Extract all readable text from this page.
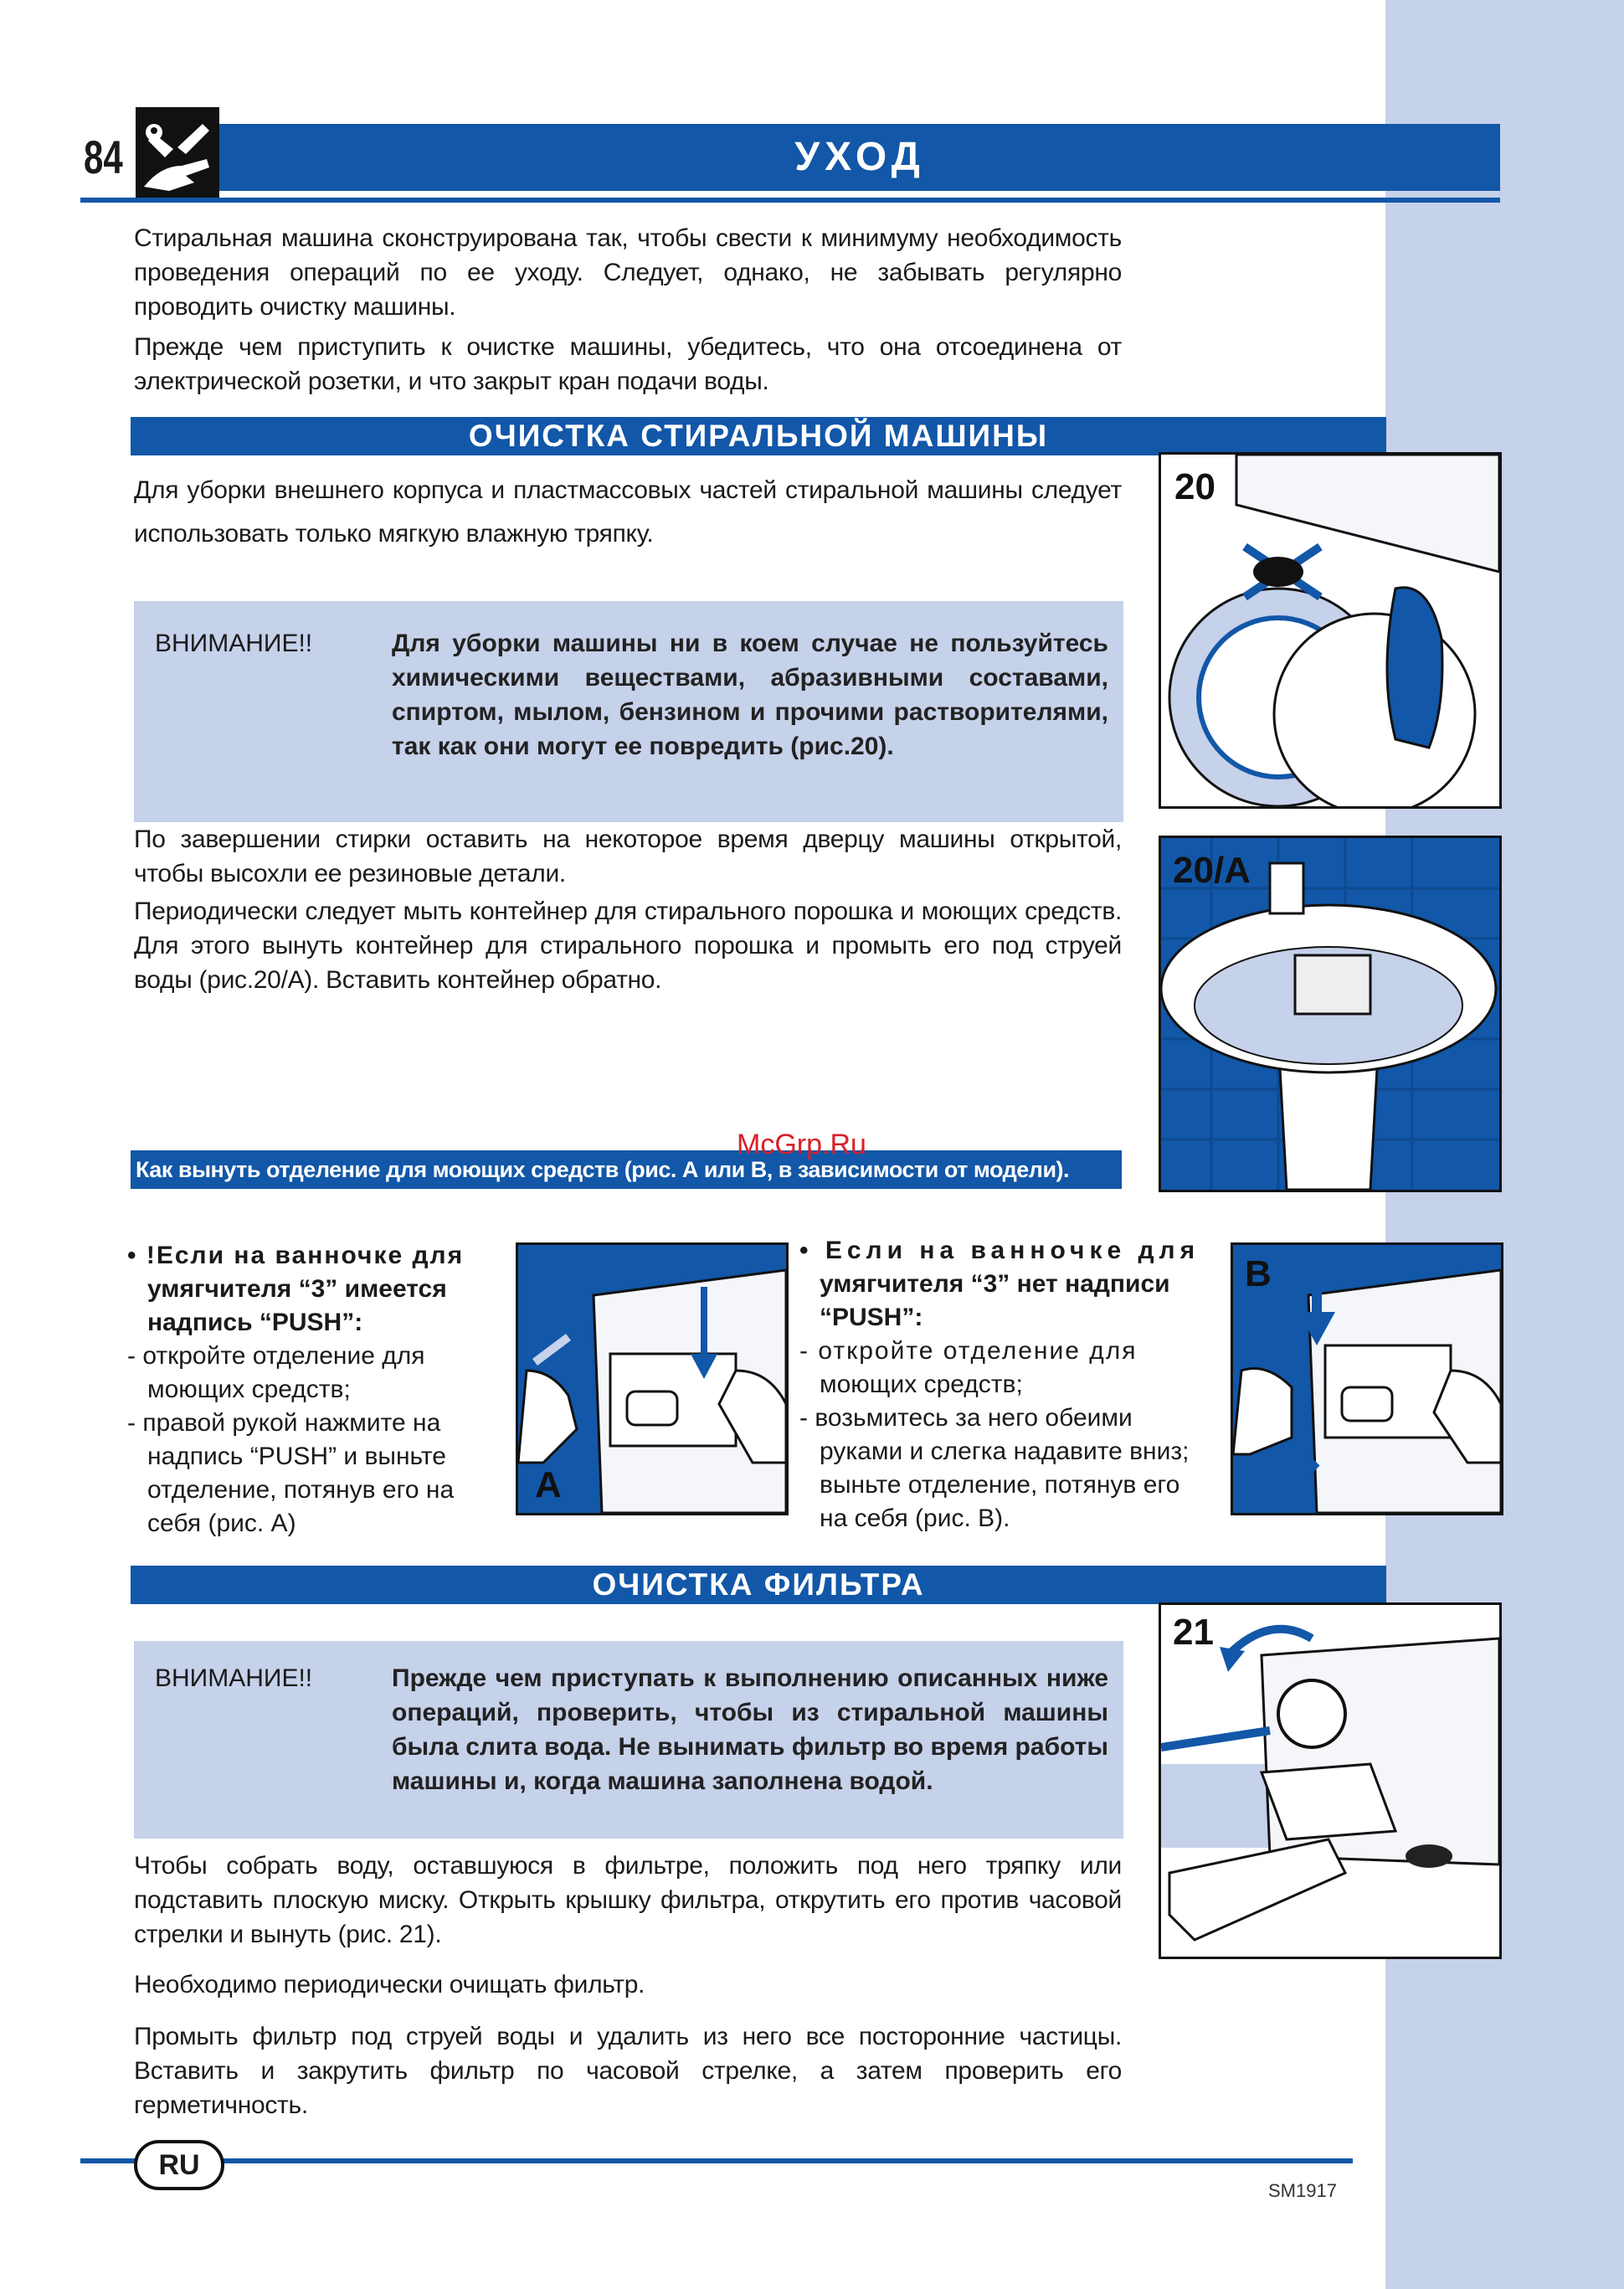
84	УХОД

Стиральная машина сконструирована так, чтобы свести к минимуму необходимость проведения операций по ее уходу. Следует, однако, не забывать регулярно проводить очистку машины.

Прежде чем приступить к очистке машины, убедитесь, что она отсоединена от электрической розетки, и что закрыт кран подачи воды.

ОЧИСТКА СТИРАЛЬНОЙ МАШИНЫ

Для уборки внешнего корпуса и пластмассовых частей стиральной машины следует использовать только мягкую влажную тряпку.

ВНИМАНИЕ!!	Для уборки машины ни в коем случае не пользуйтесь химическими веществами, абразивными составами, спиртом, мылом, бензином и прочими растворителями, так как они могут ее повредить (рис.20).

По завершении стирки оставить на некоторое время дверцу машины открытой, чтобы высохли ее резиновые детали.

Периодически следует мыть контейнер для стирального порошка и моющих средств. Для этого вынуть контейнер для стирального порошка и промыть его под струей воды (рис.20/А). Вставить контейнер обратно.

Как вынуть отделение для моющих средств (рис. А или В, в зависимости от модели).
20
20/A
• !Если на ванночке для
умягчителя “3” имеется
надпись “PUSH”:
- откройте отделение для
моющих средств;
- правой рукой нажмите на
надпись “PUSH” и выньте
отделение, потянув его на
себя (рис. А)
A
• Если на ванночке для
умягчителя “3” нет надписи
“PUSH”:
- откройте отделение для
моющих средств;
- возьмитесь за него обеими
руками и слегка надавите вниз;
выньте отделение, потянув его
на себя (рис. В).
B
ОЧИСТКА ФИЛЬТРА
ВНИМАНИЕ!!	Прежде чем приступать к выполнению описанных ниже операций, проверить, чтобы из стиральной машины была слита вода. Не вынимать фильтр во время работы машины и, когда машина заполнена водой.

Чтобы собрать воду, оставшуюся в фильтре, положить под него тряпку или подставить плоскую миску. Открыть крышку фильтра, открутить его против часовой стрелки и вынуть (рис. 21).

Необходимо периодически очищать фильтр.

Промыть фильтр под струей воды и удалить из него все посторонние частицы. Вставить и закрутить фильтр по часовой стрелке, а затем проверить его герметичность.

21
McGrp.Ru
RU
SM1917
